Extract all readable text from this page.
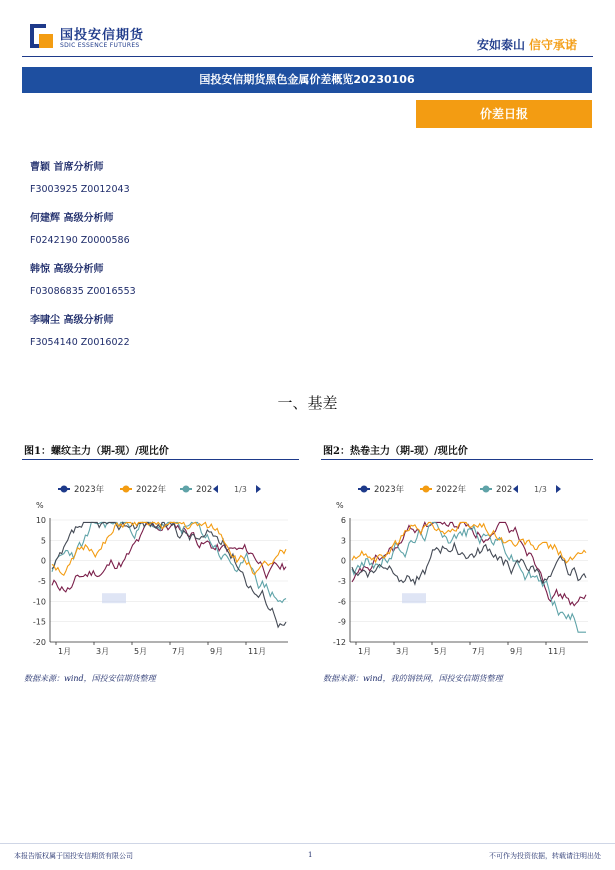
国投安信期货
SDIC ESSENCE FUTURES	安如泰山 信守承诺
国投安信期货黑色金属价差概览20230106
价差日报
曹颖 首席分析师
F3003925 Z0012043
何建辉 高级分析师
F0242190 Z0000586
韩惊 高级分析师
F03086835 Z0016553
李啸尘 高级分析师
F3054140 Z0016022
一、基差
图1：螺纹主力（期-现）/现比价
2023年	2022年	202	1/3
%
10
5
0
-5
-10
-15
-20
1月	3月	5月	7月	9月	11月
数据来源：wind，国投安信期货整理
图2：热卷主力（期-现）/现比价
2023年	2022年	202	1/3
%
6
3
0
-3
-6
-9
-12
1月	3月	5月	7月	9月	11月
数据来源：wind，我的钢铁网，国投安信期货整理
本报告版权属于国投安信期货有限公司	1	不可作为投资依据，转载请注明出处
